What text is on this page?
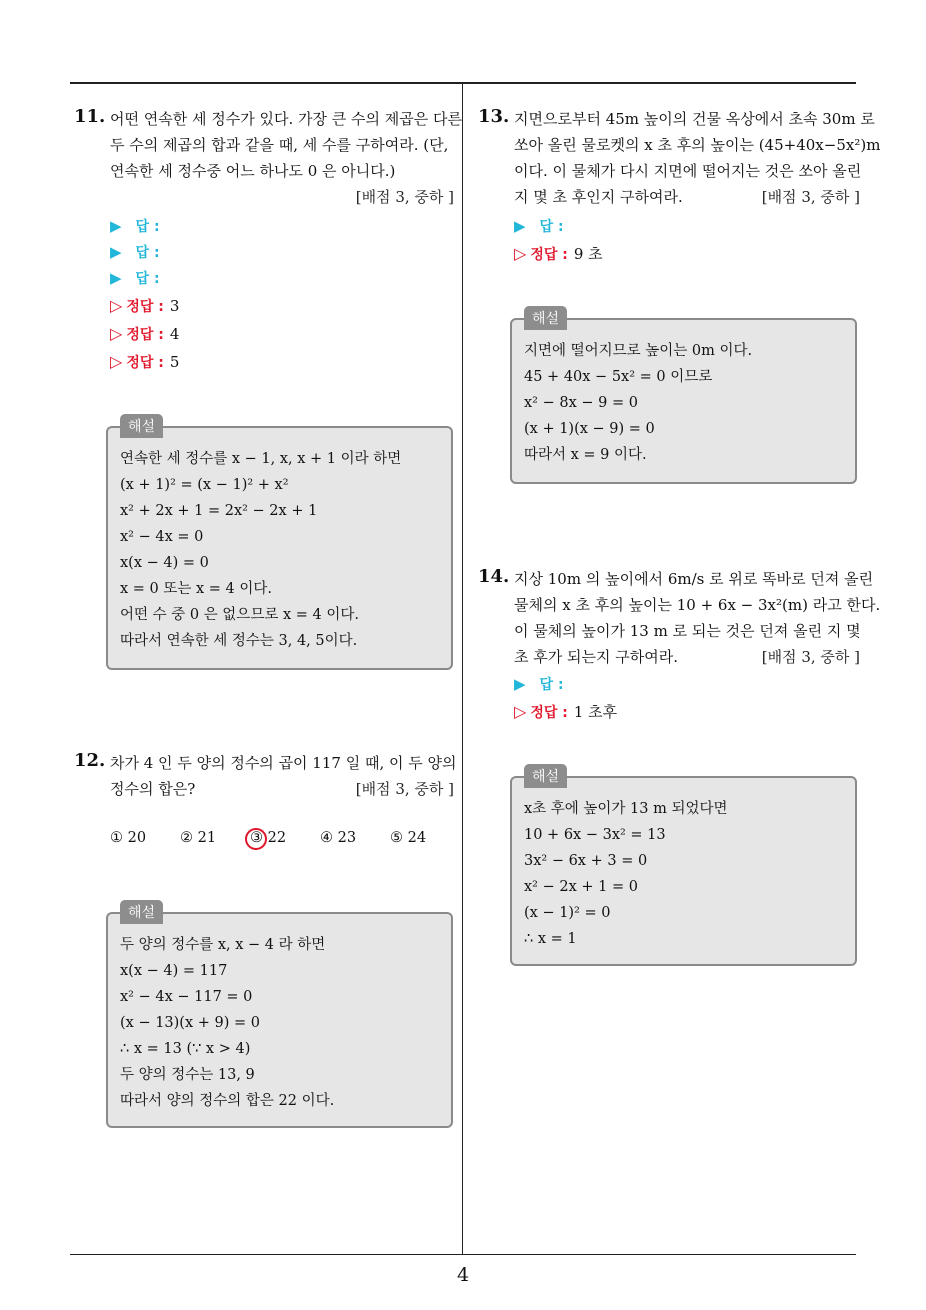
4
11. 어떤 연속한 세 정수가 있다. 가장 큰 수의 제곱은 다른
두 수의 제곱의 합과 같을 때, 세 수를 구하여라. (단,
연속한 세 정수중 어느 하나도 0 은 아니다.)
[배점 3, 중하 ]
▶ 답 :
▶ 답 :
▶ 답 :
▷ 정답 : 3
▷ 정답 : 4
▷ 정답 : 5
해설
연속한 세 정수를 x − 1, x, x + 1 이라 하면
(x + 1)² = (x − 1)² + x²
x² + 2x + 1 = 2x² − 2x + 1
x² − 4x = 0
x(x − 4) = 0
x = 0 또는 x = 4 이다.
어떤 수 중 0 은 없으므로 x = 4 이다.
따라서 연속한 세 정수는 3, 4, 5이다.
12. 차가 4 인 두 양의 정수의 곱이 117 일 때, 이 두 양의
정수의 합은?	[배점 3, 중하 ]
① 20 ② 21 ③ 22 ④ 23 ⑤ 24
해설
두 양의 정수를 x, x − 4 라 하면
x(x − 4) = 117
x² − 4x − 117 = 0
(x − 13)(x + 9) = 0
∴ x = 13 (∵ x > 4)
두 양의 정수는 13, 9
따라서 양의 정수의 합은 22 이다.
13. 지면으로부터 45m 높이의 건물 옥상에서 초속 30m 로
쏘아 올린 물로켓의 x 초 후의 높이는 (45+40x−5x²)m
이다. 이 물체가 다시 지면에 떨어지는 것은 쏘아 올린
지 몇 초 후인지 구하여라.	[배점 3, 중하 ]
▶ 답 :
▷ 정답 : 9 초
해설
지면에 떨어지므로 높이는 0m 이다.
45 + 40x − 5x² = 0 이므로
x² − 8x − 9 = 0
(x + 1)(x − 9) = 0
따라서 x = 9 이다.
14. 지상 10m 의 높이에서 6m/s 로 위로 똑바로 던져 올린
물체의 x 초 후의 높이는 10 + 6x − 3x²(m) 라고 한다.
이 물체의 높이가 13 m 로 되는 것은 던져 올린 지 몇
초 후가 되는지 구하여라.	[배점 3, 중하 ]
▶ 답 :
▷ 정답 : 1 초후
해설
x초 후에 높이가 13 m 되었다면
10 + 6x − 3x² = 13
3x² − 6x + 3 = 0
x² − 2x + 1 = 0
(x − 1)² = 0
∴ x = 1
